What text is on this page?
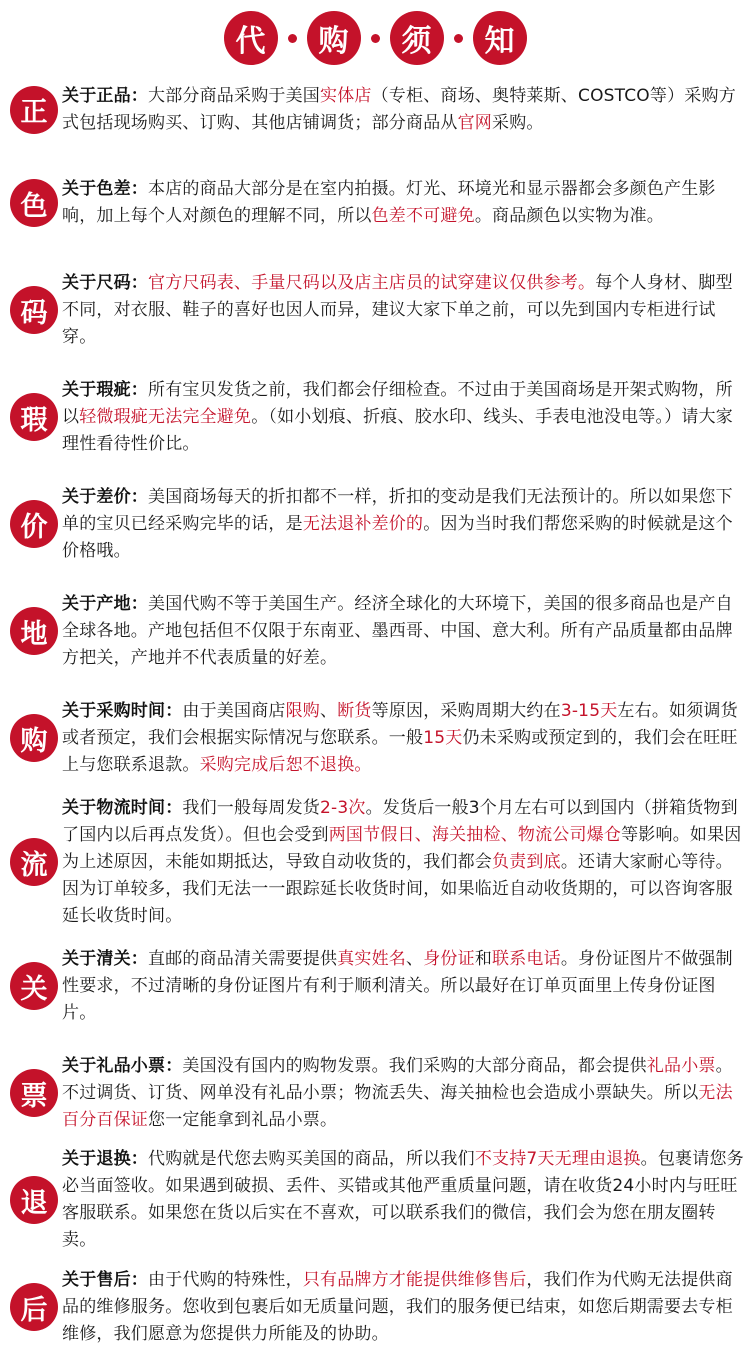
代	购	须	知
正
关于正品：大部分商品采购于美国实体店（专柜、商场、奥特莱斯、COSTCO等）采购方式包括现场购买、订购、其他店铺调货；部分商品从官网采购。
色
关于色差：本店的商品大部分是在室内拍摄。灯光、环境光和显示器都会多颜色产生影响，加上每个人对颜色的理解不同，所以色差不可避免。商品颜色以实物为准。
码
关于尺码：官方尺码表、手量尺码以及店主店员的试穿建议仅供参考。每个人身材、脚型不同，对衣服、鞋子的喜好也因人而异，建议大家下单之前，可以先到国内专柜进行试穿。
瑕
关于瑕疵：所有宝贝发货之前，我们都会仔细检查。不过由于美国商场是开架式购物，所以轻微瑕疵无法完全避免。（如小划痕、折痕、胶水印、线头、手表电池没电等。）请大家理性看待性价比。
价
关于差价：美国商场每天的折扣都不一样，折扣的变动是我们无法预计的。所以如果您下单的宝贝已经采购完毕的话，是无法退补差价的。因为当时我们帮您采购的时候就是这个价格哦。
地
关于产地：美国代购不等于美国生产。经济全球化的大环境下，美国的很多商品也是产自全球各地。产地包括但不仅限于东南亚、墨西哥、中国、意大利。所有产品质量都由品牌方把关，产地并不代表质量的好差。
购
关于采购时间：由于美国商店限购、断货等原因，采购周期大约在3-15天左右。如须调货或者预定，我们会根据实际情况与您联系。一般15天仍未采购或预定到的，我们会在旺旺上与您联系退款。采购完成后恕不退换。
流
关于物流时间：我们一般每周发货2-3次。发货后一般3个月左右可以到国内（拼箱货物到了国内以后再点发货）。但也会受到两国节假日、海关抽检、物流公司爆仓等影响。如果因为上述原因，未能如期抵达，导致自动收货的，我们都会负责到底。还请大家耐心等待。因为订单较多，我们无法一一跟踪延长收货时间，如果临近自动收货期的，可以咨询客服延长收货时间。
关
关于清关：直邮的商品清关需要提供真实姓名、身份证和联系电话。身份证图片不做强制性要求，不过清晰的身份证图片有利于顺利清关。所以最好在订单页面里上传身份证图片。
票
关于礼品小票：美国没有国内的购物发票。我们采购的大部分商品，都会提供礼品小票。不过调货、订货、网单没有礼品小票；物流丢失、海关抽检也会造成小票缺失。所以无法百分百保证您一定能拿到礼品小票。
退
关于退换：代购就是代您去购买美国的商品，所以我们不支持7天无理由退换。包裹请您务必当面签收。如果遇到破损、丢件、买错或其他严重质量问题，请在收货24小时内与旺旺客服联系。如果您在货以后实在不喜欢，可以联系我们的微信，我们会为您在朋友圈转卖。
后
关于售后：由于代购的特殊性，只有品牌方才能提供维修售后，我们作为代购无法提供商品的维修服务。您收到包裹后如无质量问题，我们的服务便已结束，如您后期需要去专柜维修，我们愿意为您提供力所能及的协助。
